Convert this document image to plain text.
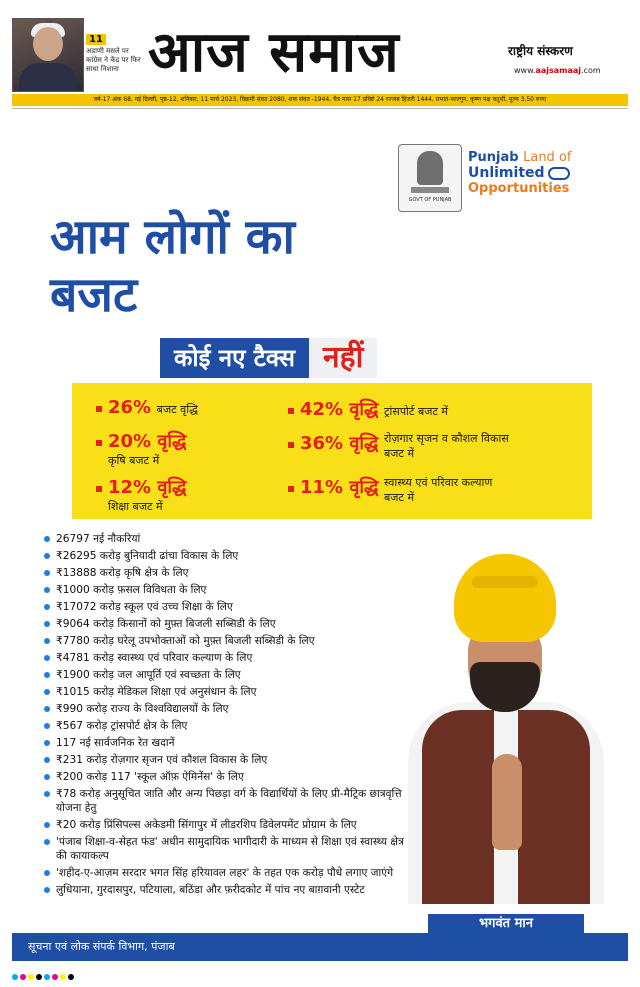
11
अडाणी मसले पर कांग्रेस ने केंद्र पर फिर साधा निशाना आज समाज	राष्ट्रीय संस्करण
www.aajsamaaj.com
वर्ष-17 अंक 68, नई दिल्ली, पृष्ठ-12, शनिवार, 11 मार्च 2023, विक्रमी संवत 2080, शक संवत -1944, चैत्र मास 17 प्रविष्टे 24 रज्जब हिजरी 1444, प्रभात-फाल्गुन, कृष्ण पक्ष चतुर्थी, मूल्य 3.50 रुपए
GOVT OF PUNJAB
Punjab Land of
Unlimited
Opportunities
आम लोगों का
बजट
कोई नए टैक्स नहीं
26% बजट वृद्धि
20% वृद्धि
कृषि बजट में
12% वृद्धि
शिक्षा बजट में
42% वृद्धि ट्रांसपोर्ट बजट में
36% वृद्धि रोज़गार सृजन व कौशल विकास
बजट में
11% वृद्धि स्वास्थ्य एवं परिवार कल्याण
बजट में
26797 नई नौकरियां
₹26295 करोड़ बुनियादी ढांचा विकास के लिए
₹13888 करोड़ कृषि क्षेत्र के लिए
₹1000 करोड़ फ़सल विविधता के लिए
₹17072 करोड़ स्कूल एवं उच्च शिक्षा के लिए
₹9064 करोड़ किसानों को मुफ़्त बिजली सब्सिडी के लिए
₹7780 करोड़ घरेलू उपभोक्ताओं को मुफ़्त बिजली सब्सिडी के लिए
₹4781 करोड़ स्वास्थ्य एवं परिवार कल्याण के लिए
₹1900 करोड़ जल आपूर्ति एवं स्वच्छता के लिए
₹1015 करोड़ मेडिकल शिक्षा एवं अनुसंधान के लिए
₹990 करोड़ राज्य के विश्वविद्यालयों के लिए
₹567 करोड़ ट्रांसपोर्ट क्षेत्र के लिए
117 नई सार्वजनिक रेत खदानें
₹231 करोड़ रोज़गार सृजन एवं कौशल विकास के लिए
₹200 करोड़ 117 'स्कूल ऑफ़ ऐमिनेंस' के लिए
₹78 करोड़ अनुसूचित जाति और अन्य पिछड़ा वर्ग के विद्यार्थियों के लिए प्री-मैट्रिक छात्रवृत्ति योजना हेतु
₹20 करोड़ प्रिंसिपल्स अकेडमी सिंगापुर में लीडरशिप डिवेलपमेंट प्रोग्राम के लिए
'पंजाब शिक्षा-व-सेहत फंड' अधीन सामुदायिक भागीदारी के माध्यम से शिक्षा एवं स्वास्थ्य क्षेत्र की कायाकल्प
'शहीद-ए-आज़म सरदार भगत सिंह हरियावल लहर' के तहत एक करोड़ पौधे लगाए जाएंगे
लुधियाना, गुरदासपुर, पटियाला, बठिंडा और फ़रीदकोट में पांच नए बाग़वानी एस्टेट
भगवंत मान
सूचना एवं लोक संपर्क विभाग, पंजाब
